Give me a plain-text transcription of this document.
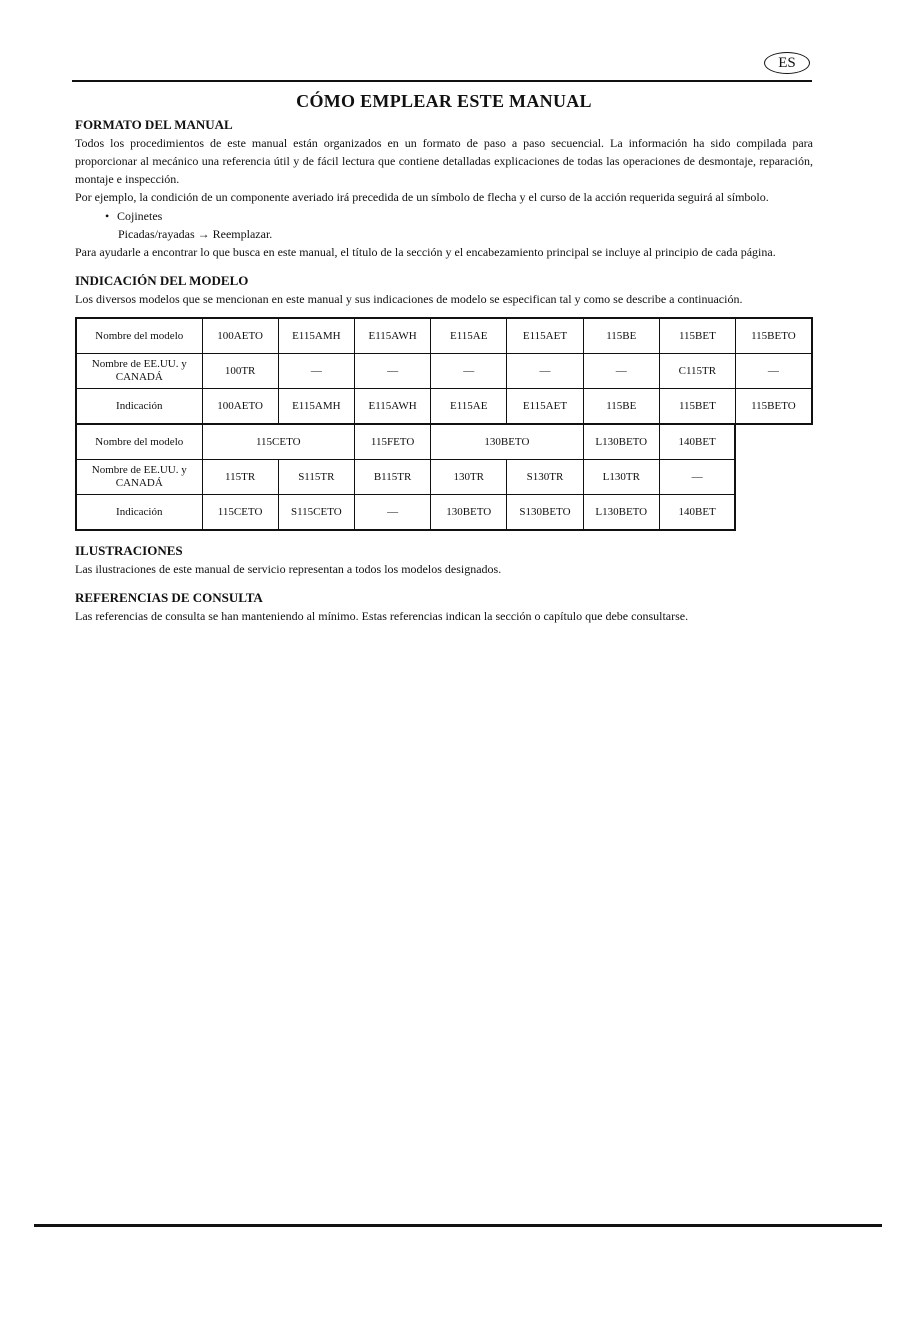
ES
CÓMO EMPLEAR ESTE MANUAL
FORMATO DEL MANUAL

Todos los procedimientos de este manual están organizados en un formato de paso a paso secuencial. La información ha sido compilada para proporcionar al mecánico una referencia útil y de fácil lectura que contiene detalladas explicaciones de todas las operaciones de desmontaje, reparación, montaje e inspección.

Por ejemplo, la condición de un componente averiado irá precedida de un símbolo de flecha y el curso de la acción requerida seguirá al símbolo.

• Cojinetes

Picadas/rayadas → Reemplazar.

Para ayudarle a encontrar lo que busca en este manual, el título de la sección y el encabezamiento principal se incluye al principio de cada página.

INDICACIÓN DEL MODELO

Los diversos modelos que se mencionan en este manual y sus indicaciones de modelo se especifican tal y como se describe a continuación.

Nombre del modelo	100AETO	E115AMH	E115AWH	E115AE	E115AET	115BE	115BET	115BETO
Nombre de EE.UU. y CANADÁ	100TR	—	—	—	—	—	C115TR	—
Indicación	100AETO	E115AMH	E115AWH	E115AE	E115AET	115BE	115BET	115BETO
Nombre del modelo	115CETO		115FETO	130BETO		L130BETO	140BET	
Nombre de EE.UU. y CANADÁ	115TR	S115TR	B115TR	130TR	S130TR	L130TR	—	
Indicación	115CETO	S115CETO	—	130BETO	S130BETO	L130BETO	140BET	
ILUSTRACIONES

Las ilustraciones de este manual de servicio representan a todos los modelos designados.

REFERENCIAS DE CONSULTA

Las referencias de consulta se han manteniendo al mínimo. Estas referencias indican la sección o capítulo que debe consultarse.
